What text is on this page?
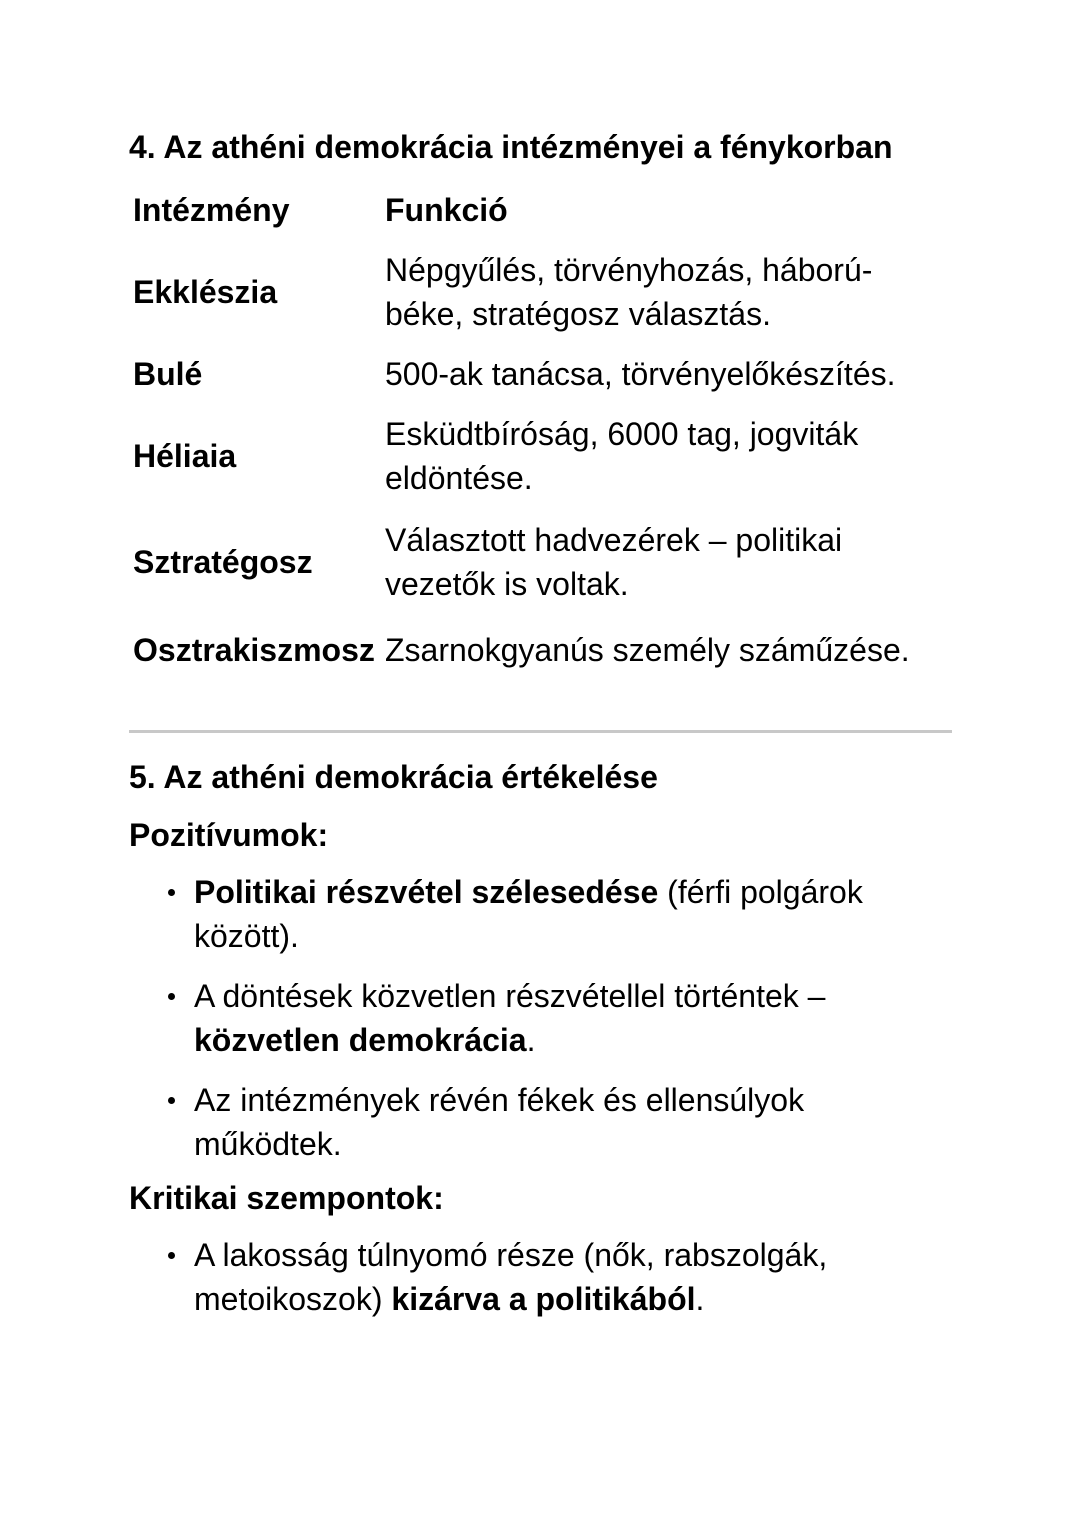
4. Az athéni demokrácia intézményei a fénykorban
Intézmény	Funkció
Ekklészia	Népgyűlés, törvényhozás, háború-béke, stratégosz választás.
Bulé	500-ak tanácsa, törvényelőkészítés.
Héliaia	Esküdtbíróság, 6000 tag, jogviták eldöntése.
Sztratégosz	Választott hadvezérek – politikai vezetők is voltak.
Osztrakiszmosz	Zsarnokgyanús személy száműzése.
5. Az athéni demokrácia értékelése

Pozitívumok:

Politikai részvétel szélesedése (férfi polgárok között).
A döntések közvetlen részvétellel történtek – közvetlen demokrácia.
Az intézmények révén fékek és ellensúlyok működtek.

Kritikai szempontok:

A lakosság túlnyomó része (nők, rabszolgák, metoikoszok) kizárva a politikából.
